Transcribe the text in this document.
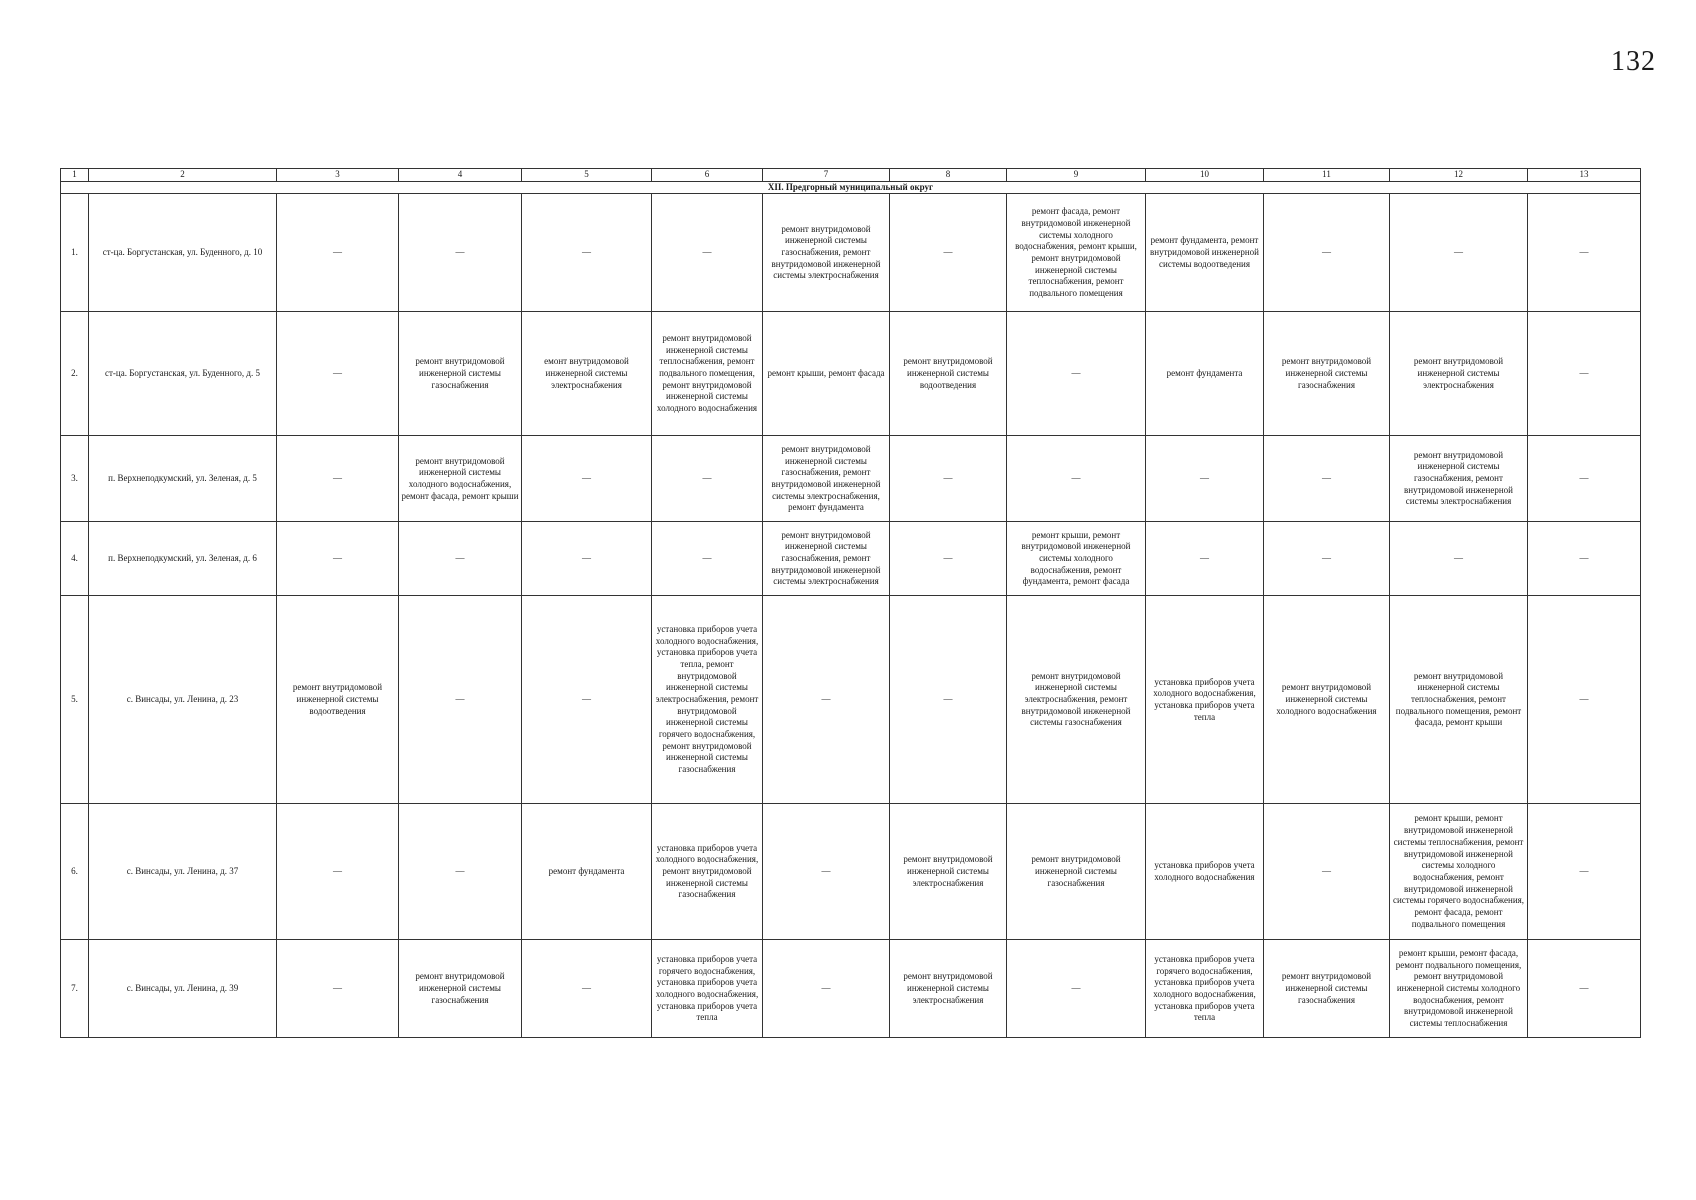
132
1	2	3	4	5	6	7	8	9	10	11	12	13
XII. Предгорный муниципальный округ												
1.	ст-ца. Боргустанская, ул. Буденного, д. 10	—	—	—	—	ремонт внутридомовой инженерной системы газоснабжения, ремонт внутридомовой инженерной системы электроснабжения	—	ремонт фасада, ремонт внутридомовой инженерной системы холодного водоснабжения, ремонт крыши, ремонт внутридомовой инженерной системы теплоснабжения, ремонт подвального помещения	ремонт фундамента, ремонт внутридомовой инженерной системы водоотведения	—	—	—
2.	ст-ца. Боргустанская, ул. Буденного, д. 5	—	ремонт внутридомовой инженерной системы газоснабжения	емонт внутридомовой инженерной системы электроснабжения	ремонт внутридомовой инженерной системы теплоснабжения, ремонт подвального помещения, ремонт внутридомовой инженерной системы холодного водоснабжения	ремонт крыши, ремонт фасада	ремонт внутридомовой инженерной системы водоотведения	—	ремонт фундамента	ремонт внутридомовой инженерной системы газоснабжения	ремонт внутридомовой инженерной системы электроснабжения	—
3.	п. Верхнеподкумский, ул. Зеленая, д. 5	—	ремонт внутридомовой инженерной системы холодного водоснабжения, ремонт фасада, ремонт крыши	—	—	ремонт внутридомовой инженерной системы газоснабжения, ремонт внутридомовой инженерной системы электроснабжения, ремонт фундамента	—	—	—	—	ремонт внутридомовой инженерной системы газоснабжения, ремонт внутридомовой инженерной системы электроснабжения	—
4.	п. Верхнеподкумский, ул. Зеленая, д. 6	—	—	—	—	ремонт внутридомовой инженерной системы газоснабжения, ремонт внутридомовой инженерной системы электроснабжения	—	ремонт крыши, ремонт внутридомовой инженерной системы холодного водоснабжения, ремонт фундамента, ремонт фасада	—	—	—	—
5.	с. Винсады, ул. Ленина, д. 23	ремонт внутридомовой инженерной системы водоотведения	—	—	установка приборов учета холодного водоснабжения, установка приборов учета тепла, ремонт внутридомовой инженерной системы электроснабжения, ремонт внутридомовой инженерной системы горячего водоснабжения, ремонт внутридомовой инженерной системы газоснабжения	—	—	ремонт внутридомовой инженерной системы электроснабжения, ремонт внутридомовой инженерной системы газоснабжения	установка приборов учета холодного водоснабжения, установка приборов учета тепла	ремонт внутридомовой инженерной системы холодного водоснабжения	ремонт внутридомовой инженерной системы теплоснабжения, ремонт подвального помещения, ремонт фасада, ремонт крыши	—
6.	с. Винсады, ул. Ленина, д. 37	—	—	ремонт фундамента	установка приборов учета холодного водоснабжения, ремонт внутридомовой инженерной системы газоснабжения	—	ремонт внутридомовой инженерной системы электроснабжения	ремонт внутридомовой инженерной системы газоснабжения	установка приборов учета холодного водоснабжения	—	ремонт крыши, ремонт внутридомовой инженерной системы теплоснабжения, ремонт внутридомовой инженерной системы холодного водоснабжения, ремонт внутридомовой инженерной системы горячего водоснабжения, ремонт фасада, ремонт подвального помещения	—
7.	с. Винсады, ул. Ленина, д. 39	—	ремонт внутридомовой инженерной системы газоснабжения	—	установка приборов учета горячего водоснабжения, установка приборов учета холодного водоснабжения, установка приборов учета тепла	—	ремонт внутридомовой инженерной системы электроснабжения	—	установка приборов учета горячего водоснабжения, установка приборов учета холодного водоснабжения, установка приборов учета тепла	ремонт внутридомовой инженерной системы газоснабжения	ремонт крыши, ремонт фасада, ремонт подвального помещения, ремонт внутридомовой инженерной системы холодного водоснабжения, ремонт внутридомовой инженерной системы теплоснабжения	—
